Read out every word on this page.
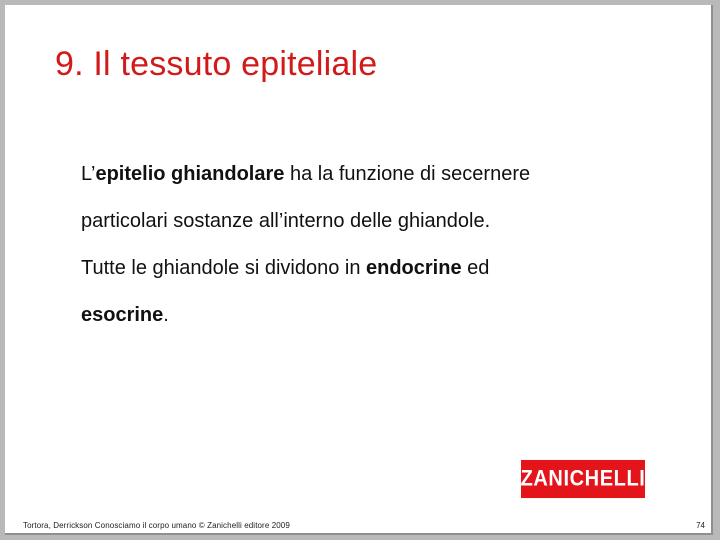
9. Il tessuto epiteliale

L’epitelio ghiandolare ha la funzione di secernere

particolari sostanze all’interno delle ghiandole.

Tutte le ghiandole si dividono in endocrine ed

esocrine.

ZANICHELLI
Tortora, Derrickson Conosciamo il corpo umano © Zanichelli editore 2009	74
